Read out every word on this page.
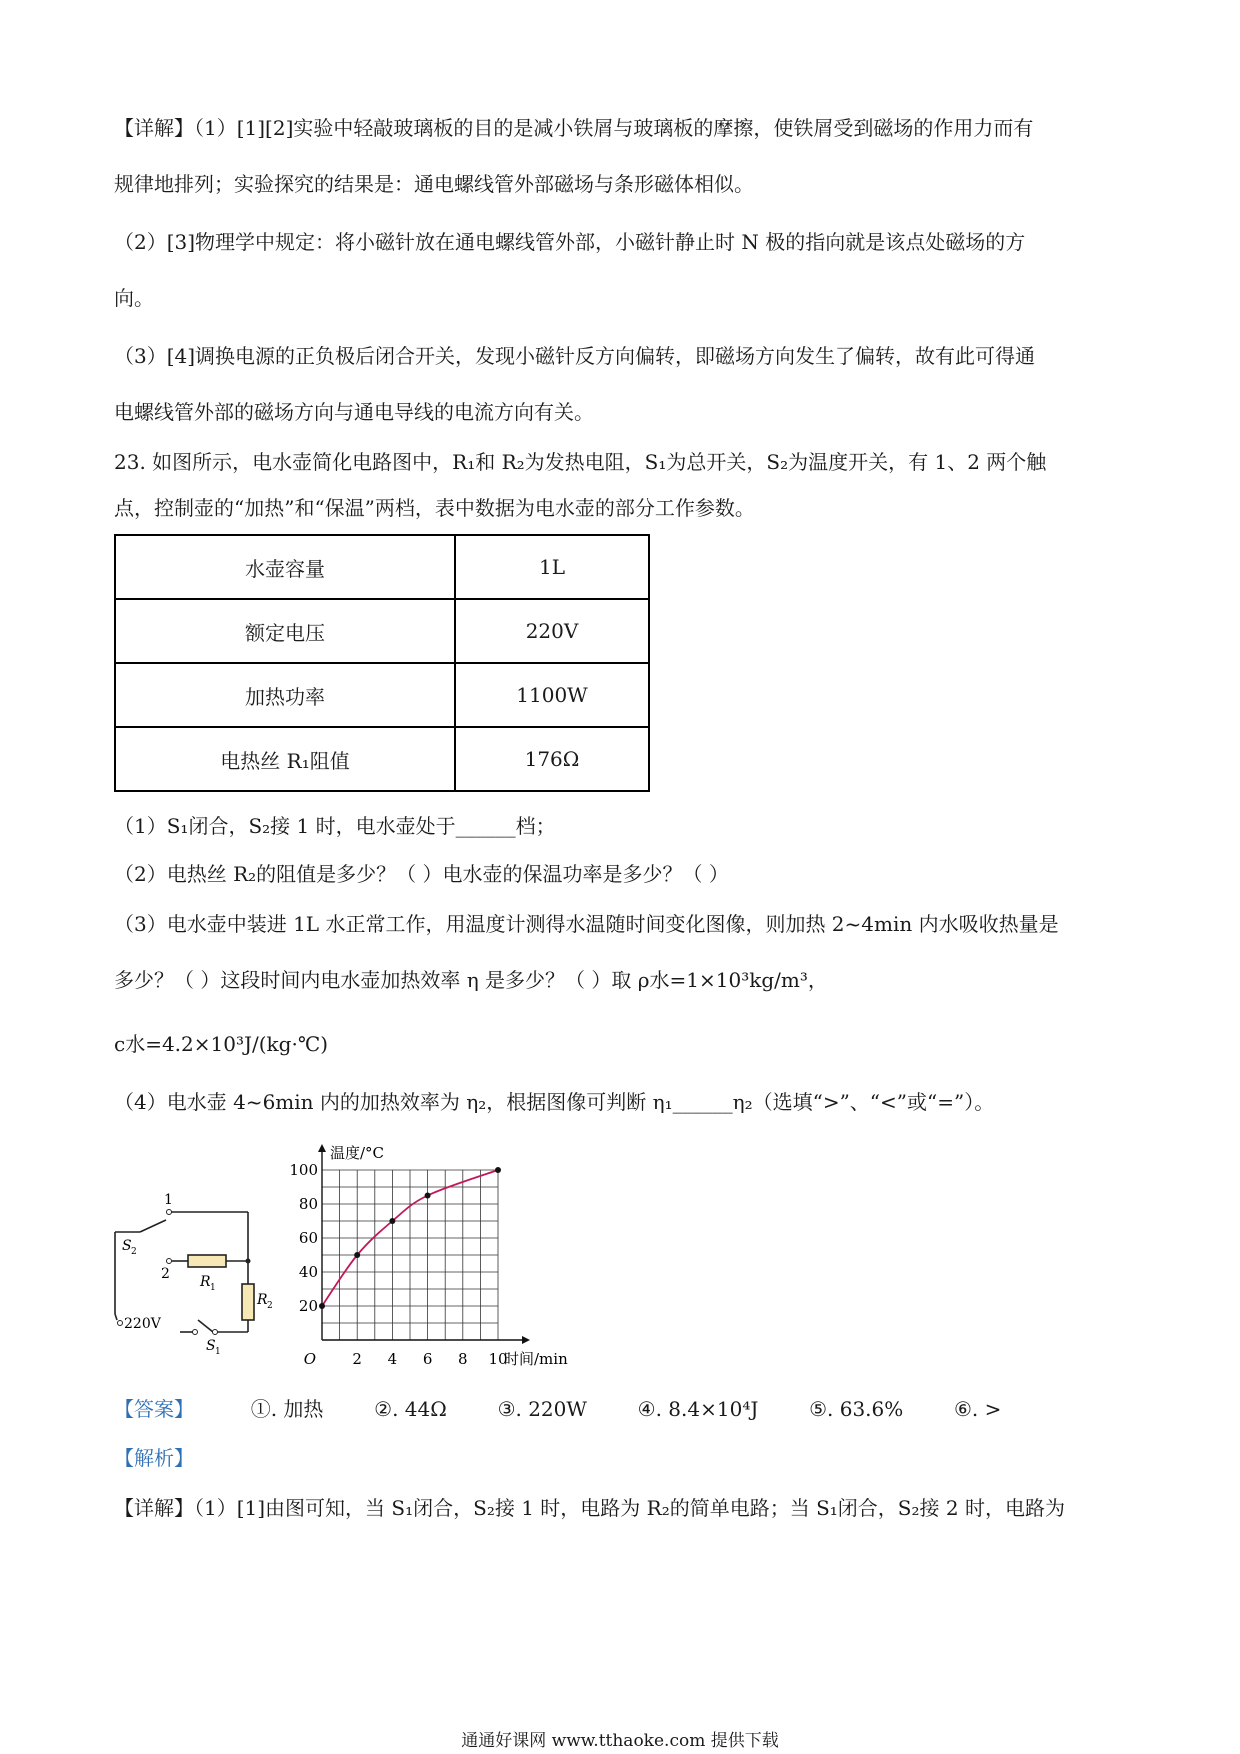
【详解】（1）[1][2]实验中轻敲玻璃板的目的是减小铁屑与玻璃板的摩擦，使铁屑受到磁场的作用力而有
规律地排列；实验探究的结果是：通电螺线管外部磁场与条形磁体相似。
（2）[3]物理学中规定：将小磁针放在通电螺线管外部，小磁针静止时 N 极的指向就是该点处磁场的方
向。
（3）[4]调换电源的正负极后闭合开关，发现小磁针反方向偏转，即磁场方向发生了偏转，故有此可得通
电螺线管外部的磁场方向与通电导线的电流方向有关。
23. 如图所示，电水壶简化电路图中，R₁和 R₂为发热电阻，S₁为总开关，S₂为温度开关，有 1、2 两个触
点，控制壶的“加热”和“保温”两档，表中数据为电水壶的部分工作参数。
水壶容量	1L
额定电压	220V
加热功率	1100W
电热丝 R₁阻值	176Ω
（1）S₁闭合，S₂接 1 时，电水壶处于______档；
（2）电热丝 R₂的阻值是多少？（ ）电水壶的保温功率是多少？（ ）
（3）电水壶中装进 1L 水正常工作，用温度计测得水温随时间变化图像，则加热 2~4min 内水吸收热量是
多少？（ ）这段时间内电水壶加热效率 η 是多少？（ ）取 ρ水=1×10³kg/m³，
c水=4.2×10³J/(kg·℃)
（4）电水壶 4~6min 内的加热效率为 η₂，根据图像可判断 η₁______η₂（选填“>”、“<”或“=”）。
1
2
S 2
R 1
R 2
220V
S 1	2 4 6 8 10
20
40
60
80
100
O
温度/°C
时间/min
【答案】	①. 加热	②. 44Ω	③. 220W	④. 8.4×10⁴J	⑤. 63.6%	⑥. >
【解析】
【详解】（1）[1]由图可知，当 S₁闭合，S₂接 1 时，电路为 R₂的简单电路；当 S₁闭合，S₂接 2 时，电路为
通通好课网 www.tthaoke.com 提供下载
